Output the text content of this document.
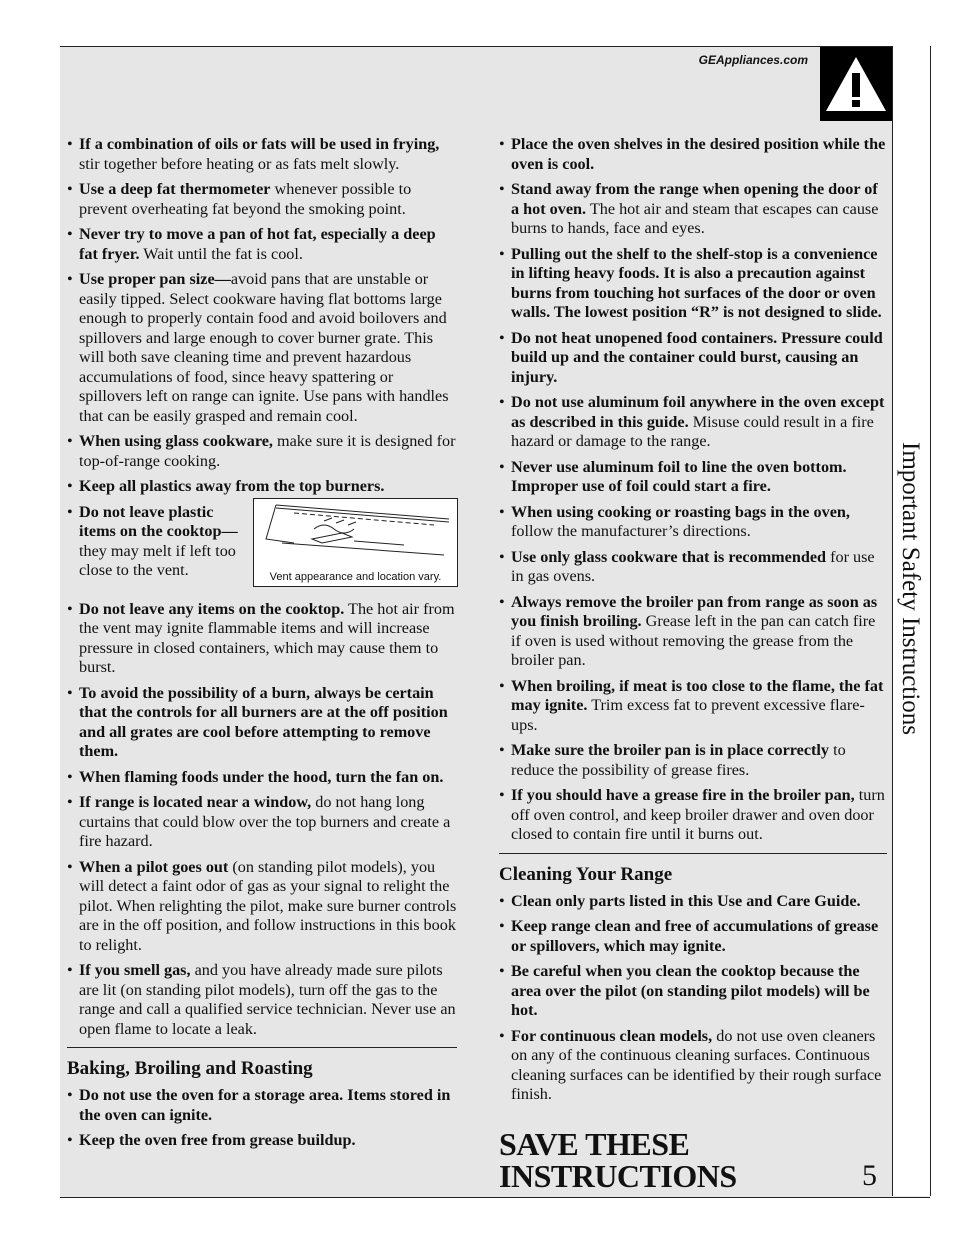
GEAppliances.com
Important Safety Instructions
• If a combination of oils or fats will be used in frying, stir together before heating or as fats melt slowly.
• Use a deep fat thermometer whenever possible to prevent overheating fat beyond the smoking point.
• Never try to move a pan of hot fat, especially a deep fat fryer. Wait until the fat is cool.
• Use proper pan size—avoid pans that are unstable or easily tipped. Select cookware having flat bottoms large enough to properly contain food and avoid boilovers and spillovers and large enough to cover burner grate. This will both save cleaning time and prevent hazardous accumulations of food, since heavy spattering or spillovers left on range can ignite. Use pans with handles that can be easily grasped and remain cool.
• When using glass cookware, make sure it is designed for top-of-range cooking.
• Keep all plastics away from the top burners.
• Do not leave plastic items on the cooktop— they may melt if left too close to the vent.	Vent appearance and location vary.
• Do not leave any items on the cooktop. The hot air from the vent may ignite flammable items and will increase pressure in closed containers, which may cause them to burst.
• To avoid the possibility of a burn, always be certain that the controls for all burners are at the off position and all grates are cool before attempting to remove them.
• When flaming foods under the hood, turn the fan on.
• If range is located near a window, do not hang long curtains that could blow over the top burners and create a fire hazard.
• When a pilot goes out (on standing pilot models), you will detect a faint odor of gas as your signal to relight the pilot. When relighting the pilot, make sure burner controls are in the off position, and follow instructions in this book to relight.
• If you smell gas, and you have already made sure pilots are lit (on standing pilot models), turn off the gas to the range and call a qualified service technician. Never use an open flame to locate a leak.
Baking, Broiling and Roasting
• Do not use the oven for a storage area. Items stored in the oven can ignite.
• Keep the oven free from grease buildup.
• Place the oven shelves in the desired position while the oven is cool.
• Stand away from the range when opening the door of a hot oven. The hot air and steam that escapes can cause burns to hands, face and eyes.
• Pulling out the shelf to the shelf-stop is a convenience in lifting heavy foods. It is also a precaution against burns from touching hot surfaces of the door or oven walls. The lowest position “R” is not designed to slide.
• Do not heat unopened food containers. Pressure could build up and the container could burst, causing an injury.
• Do not use aluminum foil anywhere in the oven except as described in this guide. Misuse could result in a fire hazard or damage to the range.
• Never use aluminum foil to line the oven bottom. Improper use of foil could start a fire.
• When using cooking or roasting bags in the oven, follow the manufacturer’s directions.
• Use only glass cookware that is recommended for use in gas ovens.
• Always remove the broiler pan from range as soon as you finish broiling. Grease left in the pan can catch fire if oven is used without removing the grease from the broiler pan.
• When broiling, if meat is too close to the flame, the fat may ignite. Trim excess fat to prevent excessive flare-ups.
• Make sure the broiler pan is in place correctly to reduce the possibility of grease fires.
• If you should have a grease fire in the broiler pan, turn off oven control, and keep broiler drawer and oven door closed to contain fire until it burns out.
Cleaning Your Range
• Clean only parts listed in this Use and Care Guide.
• Keep range clean and free of accumulations of grease or spillovers, which may ignite.
• Be careful when you clean the cooktop because the area over the pilot (on standing pilot models) will be hot.
• For continuous clean models, do not use oven cleaners on any of the continuous cleaning surfaces. Continuous cleaning surfaces can be identified by their rough surface finish.
SAVE THESE
INSTRUCTIONS	5
